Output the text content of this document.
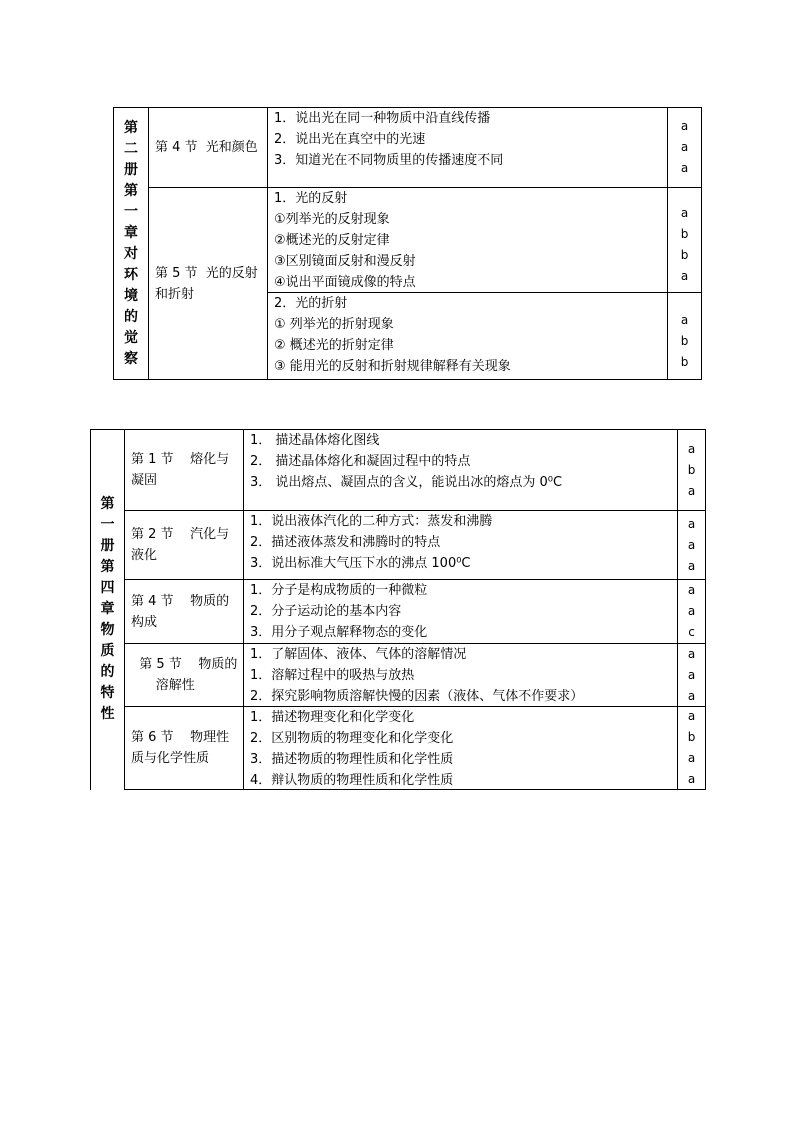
第
二
册
第
一
章
对
环
境
的
觉
察
第 4 节  光和颜色
1．说出光在同一种物质中沿直线传播
2．说出光在真空中的光速
3．知道光在不同物质里的传播速度不同
a
a
a
第 5 节  光的反射和折射
1．光的反射
①列举光的反射现象
②概述光的反射定律
③区别镜面反射和漫反射
④说出平面镜成像的特点
a
b
b
a
2．光的折射
① 列举光的折射现象
② 概述光的折射定律
③ 能用光的反射和折射规律解释有关现象
a
b
b
第
一
册
第
四
章
物
质
的
特
性
第 1 节    熔化与凝固
1． 描述晶体熔化图线
2． 描述晶体熔化和凝固过程中的特点
3． 说出熔点、凝固点的含义，能说出冰的熔点为 0⁰C
a
b
a
第 2 节    汽化与液化
1．说出液体汽化的二种方式：蒸发和沸腾
2．描述液体蒸发和沸腾时的特点
3．说出标准大气压下水的沸点 100⁰C
a
a
a
第 4 节    物质的构成
1．分子是构成物质的一种微粒
2．分子运动论的基本内容
3．用分子观点解释物态的变化
a
a
c
第 5 节    物质的
溶解性
1．了解固体、液体、气体的溶解情况
1．溶解过程中的吸热与放热
2．探究影响物质溶解快慢的因素（液体、气体不作要求）
a
a
a
第 6 节    物理性质与化学性质
1．描述物理变化和化学变化
2．区别物质的物理变化和化学变化
3．描述物质的物理性质和化学性质
4．辩认物质的物理性质和化学性质
a
b
a
a
